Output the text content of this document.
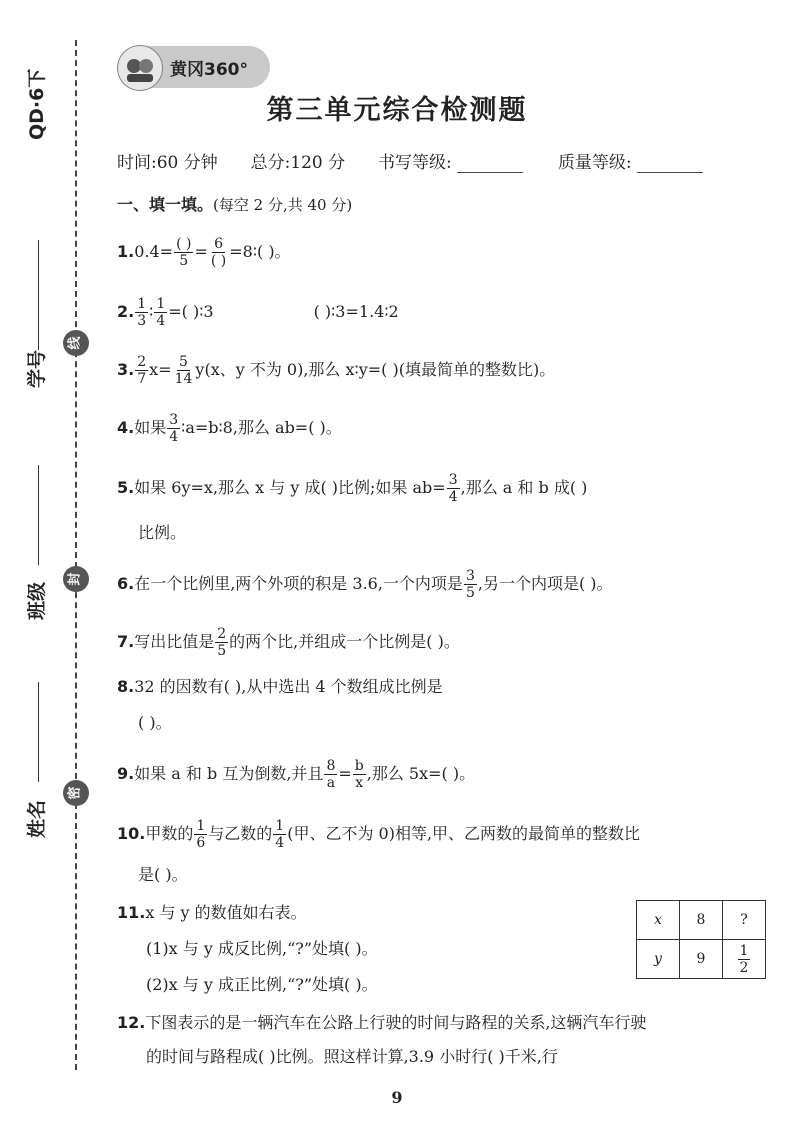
QD·6下
学号
班级
姓名
线
封
密
黄冈360°
第三单元综合检测题
时间:60 分钟 总分:120 分 书写等级:	质量等级:
一、填一填。(每空 2 分,共 40 分)
$1.0.4= \frac{( )}{5} = \frac{6}{( )}$ =8∶( )。
2. $\frac{1}{3}$ ∶ $\frac{1}{4}$ =( )∶3	( )∶3=1.4∶2
3. $\frac{2}{7} x= \frac{5}{14} y(x$、y 不为 0),那么 x∶y=( )(填最简单的整数比)。
4.如果 $\frac{3}{4}$ ∶a=b∶8,那么 ab=( )。
5.如果 6y=x,那么 x 与 y 成( )比例;如果 $ab= \frac{3}{4}$ ,那么 a 和 b 成( )
比例。
6.在一个比例里,两个外项的积是 3.6,一个内项是 $\frac{3}{5}$ ,另一个内项是( )。
7.写出比值是 $\frac{2}{5}$ 的两个比,并组成一个比例是( )。
8.32 的因数有( ),从中选出 4 个数组成比例是
( )。
9.如果 a 和 b 互为倒数,并且 $\frac{8}{a} = \frac{b}{x}$ ,那么 5x=( )。
10.甲数的 $\frac{1}{6}$ 与乙数的 $\frac{1}{4}$ (甲、乙不为 0)相等,甲、乙两数的最简单的整数比
是( )。
11.x 与 y 的数值如右表。
(1)x 与 y 成反比例,“?”处填( )。
(2)x 与 y 成正比例,“?”处填( )。
x	8	?
y	9	$\frac{1}{2}$
12.下图表示的是一辆汽车在公路上行驶的时间与路程的关系,这辆汽车行驶
的时间与路程成( )比例。照这样计算,3.9 小时行( )千米,行
9
